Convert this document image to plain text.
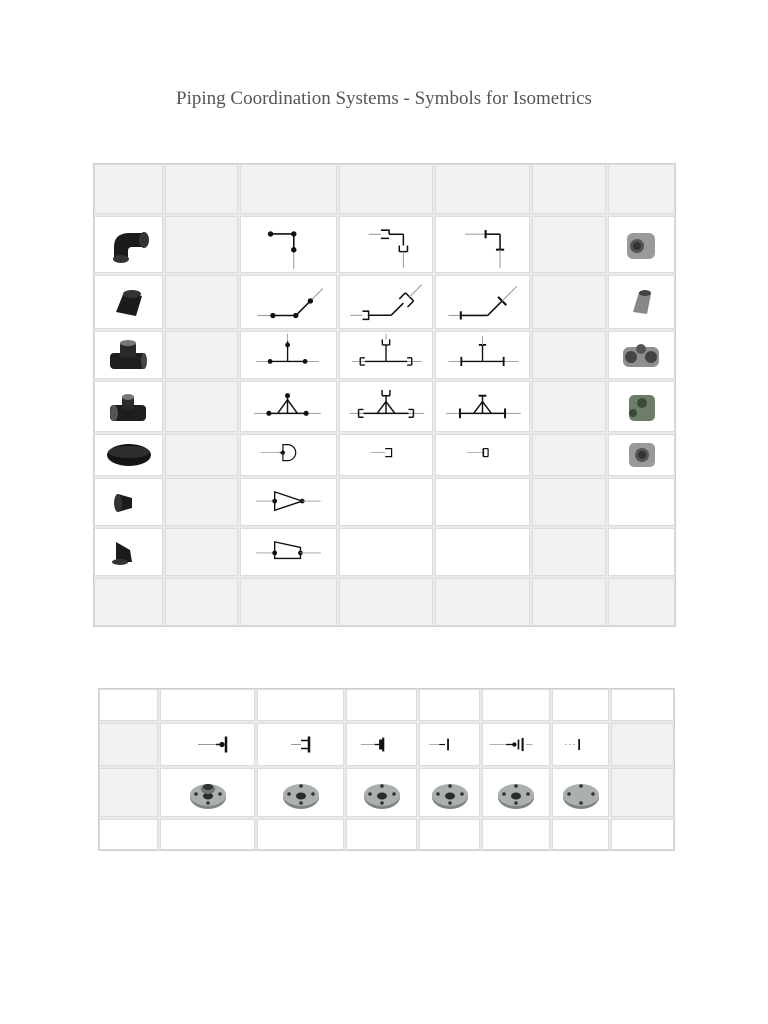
Piping Coordination Systems - Symbols for Isometrics
